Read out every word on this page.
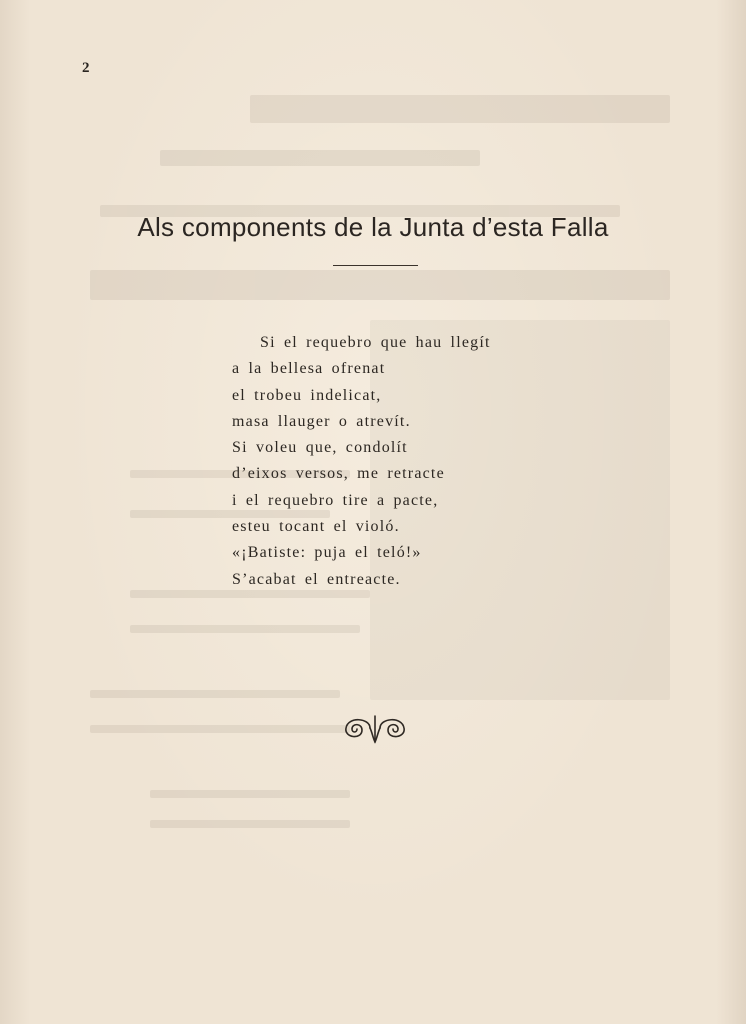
2
Als components de la Junta d’esta Falla
Si el requebro que hau llegít
a la bellesa ofrenat
el trobeu indelicat,
masa llauger o atrevít.
Si voleu que, condolít
d’eixos versos, me retracte
i el requebro tire a pacte,
esteu tocant el violó.
«¡Batiste: puja el teló!»
S’acabat el entreacte.
